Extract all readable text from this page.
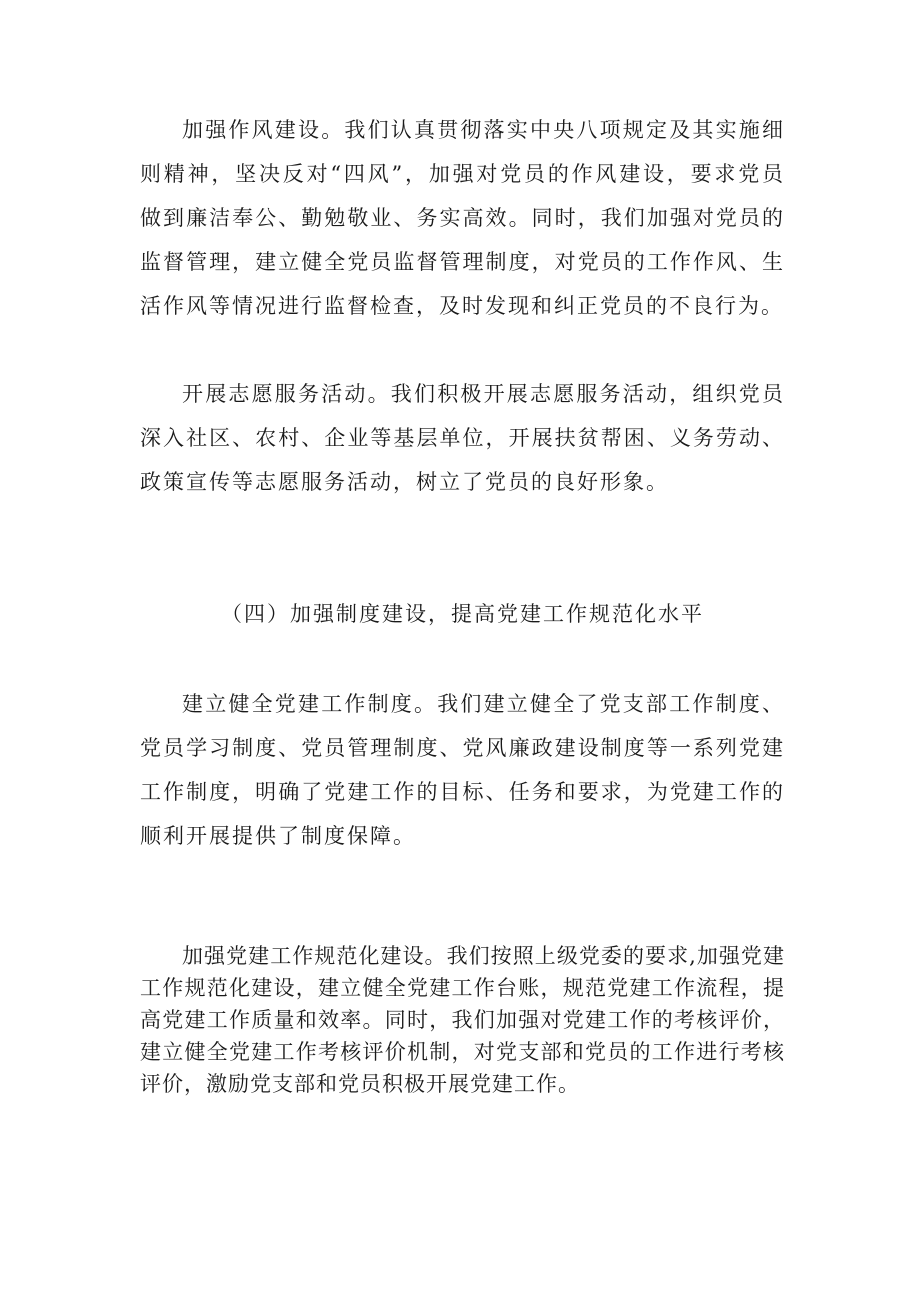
加强作风建设。我们认真贯彻落实中央八项规定及其实施细则精神，坚决反对“四风”，加强对党员的作风建设，要求党员做到廉洁奉公、勤勉敬业、务实高效。同时，我们加强对党员的监督管理，建立健全党员监督管理制度，对党员的工作作风、生活作风等情况进行监督检查，及时发现和纠正党员的不良行为。

开展志愿服务活动。我们积极开展志愿服务活动，组织党员深入社区、农村、企业等基层单位，开展扶贫帮困、义务劳动、政策宣传等志愿服务活动，树立了党员的良好形象。

（四）加强制度建设，提高党建工作规范化水平

建立健全党建工作制度。我们建立健全了党支部工作制度、党员学习制度、党员管理制度、党风廉政建设制度等一系列党建工作制度，明确了党建工作的目标、任务和要求，为党建工作的顺利开展提供了制度保障。

加强党建工作规范化建设。我们按照上级党委的要求,加强党建工作规范化建设，建立健全党建工作台账，规范党建工作流程，提高党建工作质量和效率。同时，我们加强对党建工作的考核评价，建立健全党建工作考核评价机制，对党支部和党员的工作进行考核评价，激励党支部和党员积极开展党建工作。
